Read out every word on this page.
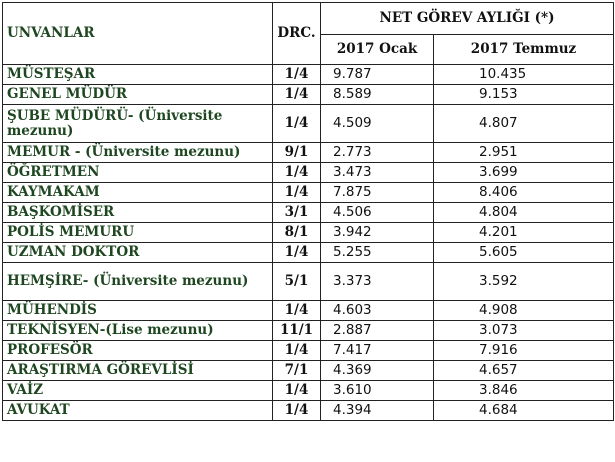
UNVANLAR	DRC.	NET GÖREV AYLIĞI (*)	
		2017 Ocak	2017 Temmuz
MÜSTEŞAR	1/4	9.787	10.435
GENEL MÜDÜR	1/4	8.589	9.153
ŞUBE MÜDÜRÜ- (Üniversite mezunu)	1/4	4.509	4.807
MEMUR - (Üniversite mezunu)	9/1	2.773	2.951
ÖĞRETMEN	1/4	3.473	3.699
KAYMAKAM	1/4	7.875	8.406
BAŞKOMİSER	3/1	4.506	4.804
POLİS MEMURU	8/1	3.942	4.201
UZMAN DOKTOR	1/4	5.255	5.605
HEMŞİRE- (Üniversite mezunu)	5/1	3.373	3.592
MÜHENDİS	1/4	4.603	4.908
TEKNİSYEN-(Lise mezunu)	11/1	2.887	3.073
PROFESÖR	1/4	7.417	7.916
ARAŞTIRMA GÖREVLİSİ	7/1	4.369	4.657
VAİZ	1/4	3.610	3.846
AVUKAT	1/4	4.394	4.684
